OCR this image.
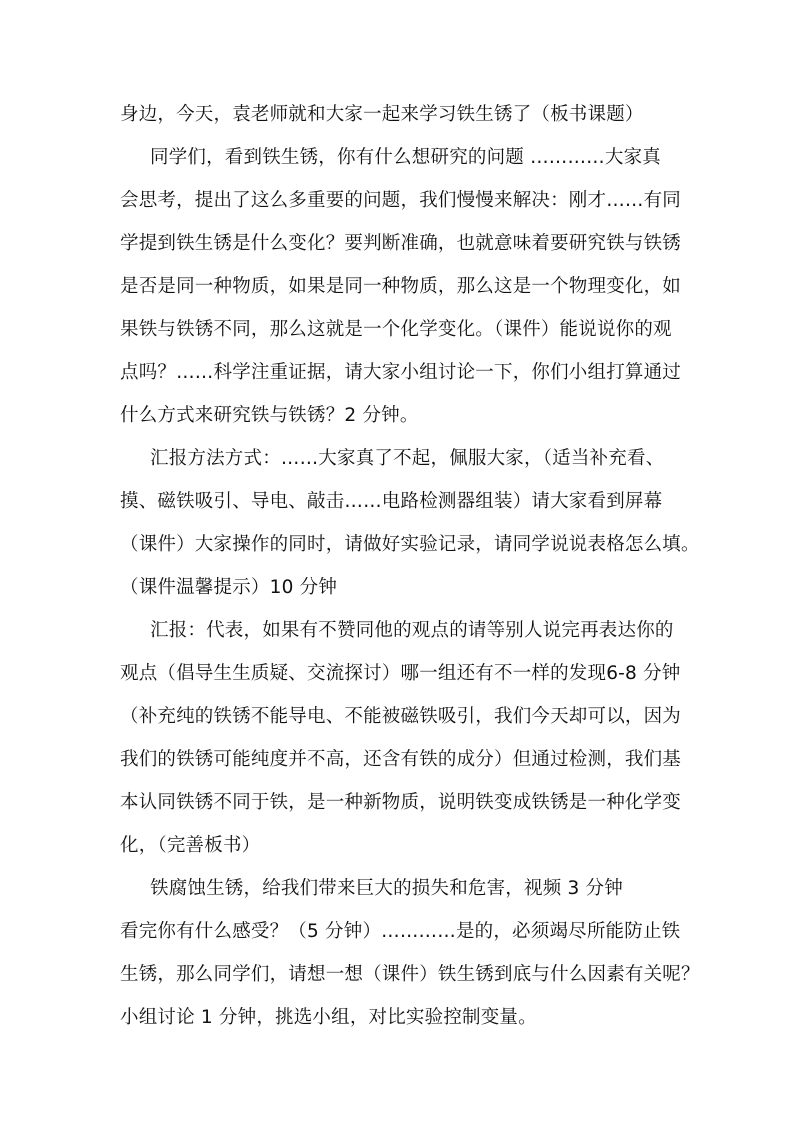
身边，今天，袁老师就和大家一起来学习铁生锈了（板书课题）
同学们，看到铁生锈，你有什么想研究的问题 …………大家真
会思考，提出了这么多重要的问题，我们慢慢来解决：刚才……有同
学提到铁生锈是什么变化？要判断准确，也就意味着要研究铁与铁锈
是否是同一种物质，如果是同一种物质，那么这是一个物理变化，如
果铁与铁锈不同，那么这就是一个化学变化。（课件）能说说你的观
点吗？……科学注重证据，请大家小组讨论一下，你们小组打算通过
什么方式来研究铁与铁锈？2 分钟。
汇报方法方式：……大家真了不起，佩服大家，（适当补充看、
摸、磁铁吸引、导电、敲击……电路检测器组装）请大家看到屏幕
（课件）大家操作的同时，请做好实验记录，请同学说说表格怎么填。
（课件温馨提示）10 分钟
汇报：代表，如果有不赞同他的观点的请等别人说完再表达你的
观点（倡导生生质疑、交流探讨）哪一组还有不一样的发现6-8 分钟
（补充纯的铁锈不能导电、不能被磁铁吸引，我们今天却可以，因为
我们的铁锈可能纯度并不高，还含有铁的成分）但通过检测，我们基
本认同铁锈不同于铁，是一种新物质，说明铁变成铁锈是一种化学变
化，（完善板书）
铁腐蚀生锈，给我们带来巨大的损失和危害，视频 3 分钟
看完你有什么感受？（5 分钟）…………是的，必须竭尽所能防止铁
生锈，那么同学们，请想一想（课件）铁生锈到底与什么因素有关呢？
小组讨论 1 分钟，挑选小组，对比实验控制变量。
